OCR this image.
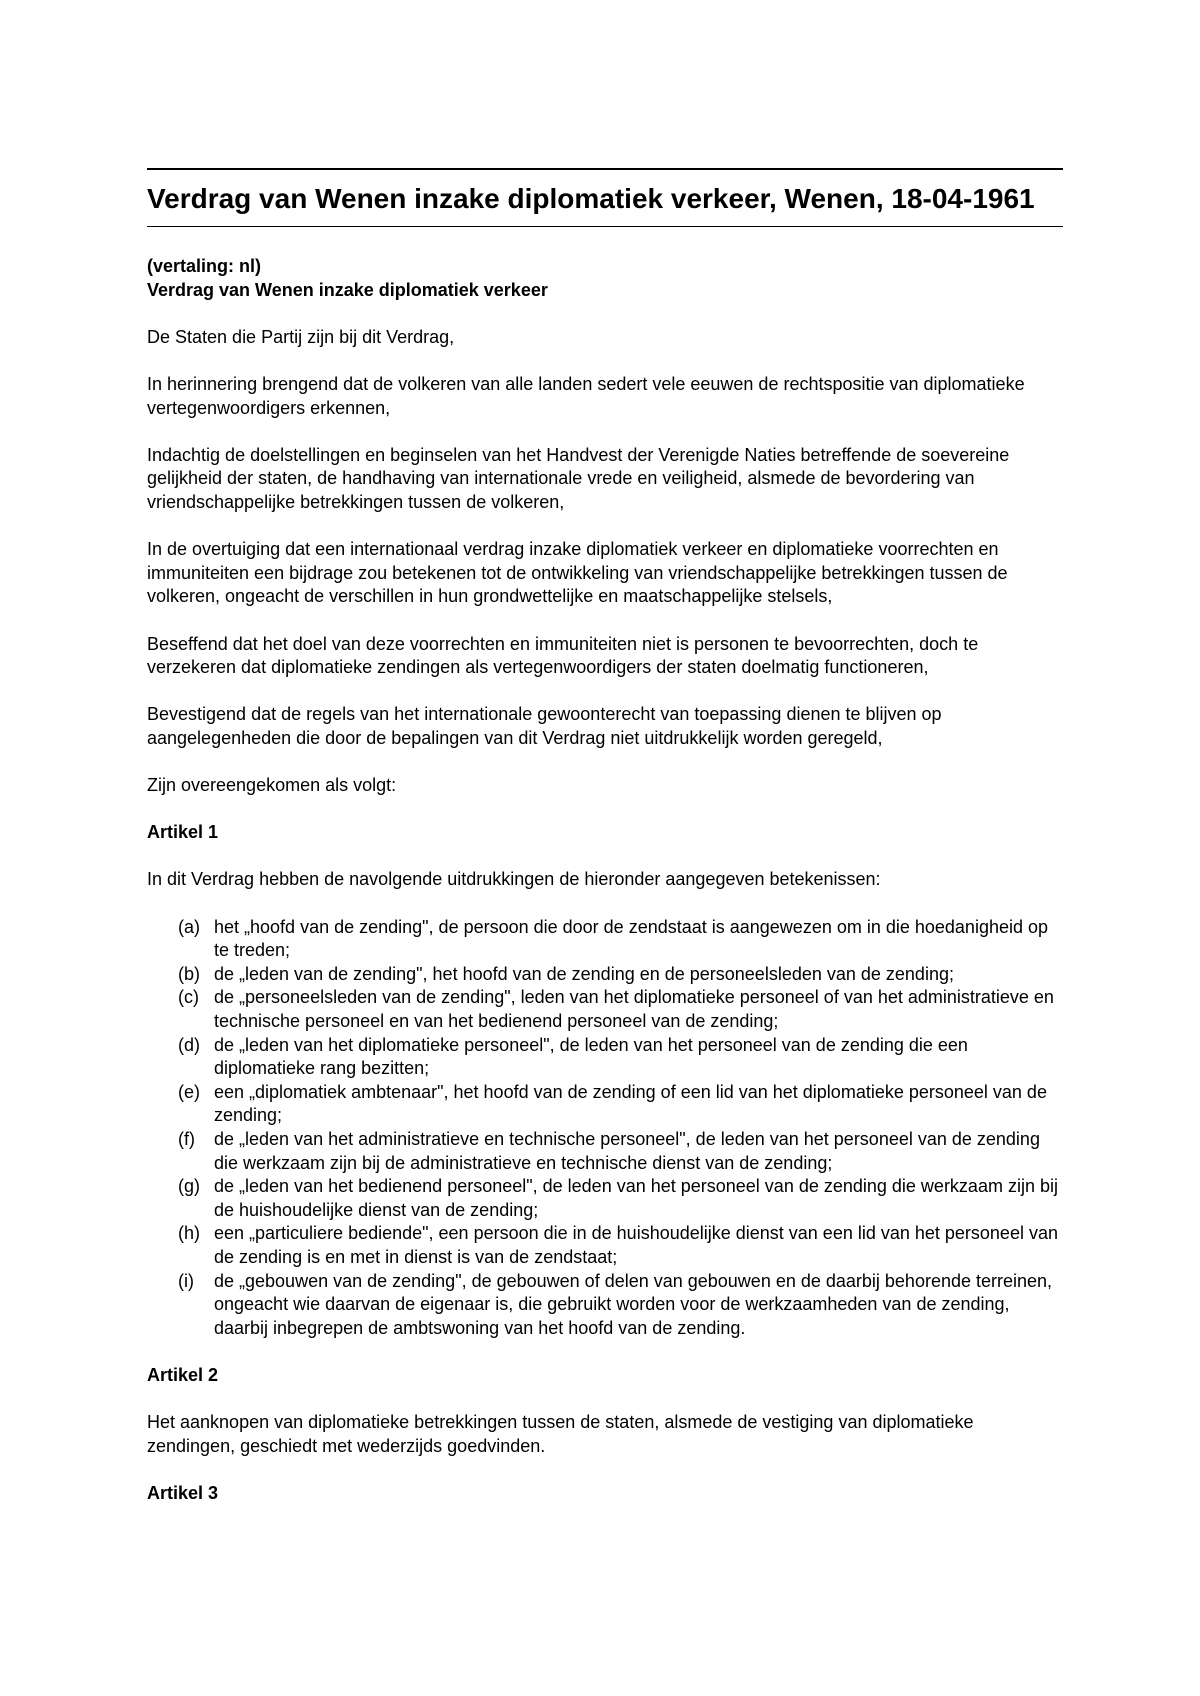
Verdrag van Wenen inzake diplomatiek verkeer, Wenen, 18-04-1961
(vertaling: nl)

Verdrag van Wenen inzake diplomatiek verkeer

De Staten die Partij zijn bij dit Verdrag,

In herinnering brengend dat de volkeren van alle landen sedert vele eeuwen de rechtspositie van diplomatieke vertegenwoordigers erkennen,

Indachtig de doelstellingen en beginselen van het Handvest der Verenigde Naties betreffende de soevereine gelijkheid der staten, de handhaving van internationale vrede en veiligheid, alsmede de bevordering van vriendschappelijke betrekkingen tussen de volkeren,

In de overtuiging dat een internationaal verdrag inzake diplomatiek verkeer en diplomatieke voorrechten en immuniteiten een bijdrage zou betekenen tot de ontwikkeling van vriendschappelijke betrekkingen tussen de volkeren, ongeacht de verschillen in hun grondwettelijke en maatschappelijke stelsels,

Beseffend dat het doel van deze voorrechten en immuniteiten niet is personen te bevoorrechten, doch te verzekeren dat diplomatieke zendingen als vertegenwoordigers der staten doelmatig functioneren,

Bevestigend dat de regels van het internationale gewoonterecht van toepassing dienen te blijven op aangelegenheden die door de bepalingen van dit Verdrag niet uitdrukkelijk worden geregeld,

Zijn overeengekomen als volgt:

Artikel 1

In dit Verdrag hebben de navolgende uitdrukkingen de hieronder aangegeven betekenissen:

(a) het „hoofd van de zending", de persoon die door de zendstaat is aangewezen om in die hoedanigheid op te treden;
(b) de „leden van de zending", het hoofd van de zending en de personeelsleden van de zending;
(c) de „personeelsleden van de zending", leden van het diplomatieke personeel of van het administratieve en technische personeel en van het bedienend personeel van de zending;
(d) de „leden van het diplomatieke personeel", de leden van het personeel van de zending die een diplomatieke rang bezitten;
(e) een „diplomatiek ambtenaar", het hoofd van de zending of een lid van het diplomatieke personeel van de zending;
(f) de „leden van het administratieve en technische personeel", de leden van het personeel van de zending die werkzaam zijn bij de administratieve en technische dienst van de zending;
(g) de „leden van het bedienend personeel", de leden van het personeel van de zending die werkzaam zijn bij de huishoudelijke dienst van de zending;
(h) een „particuliere bediende", een persoon die in de huishoudelijke dienst van een lid van het personeel van de zending is en met in dienst is van de zendstaat;
(i) de „gebouwen van de zending", de gebouwen of delen van gebouwen en de daarbij behorende terreinen, ongeacht wie daarvan de eigenaar is, die gebruikt worden voor de werkzaamheden van de zending, daarbij inbegrepen de ambtswoning van het hoofd van de zending.

Artikel 2

Het aanknopen van diplomatieke betrekkingen tussen de staten, alsmede de vestiging van diplomatieke zendingen, geschiedt met wederzijds goedvinden.

Artikel 3
